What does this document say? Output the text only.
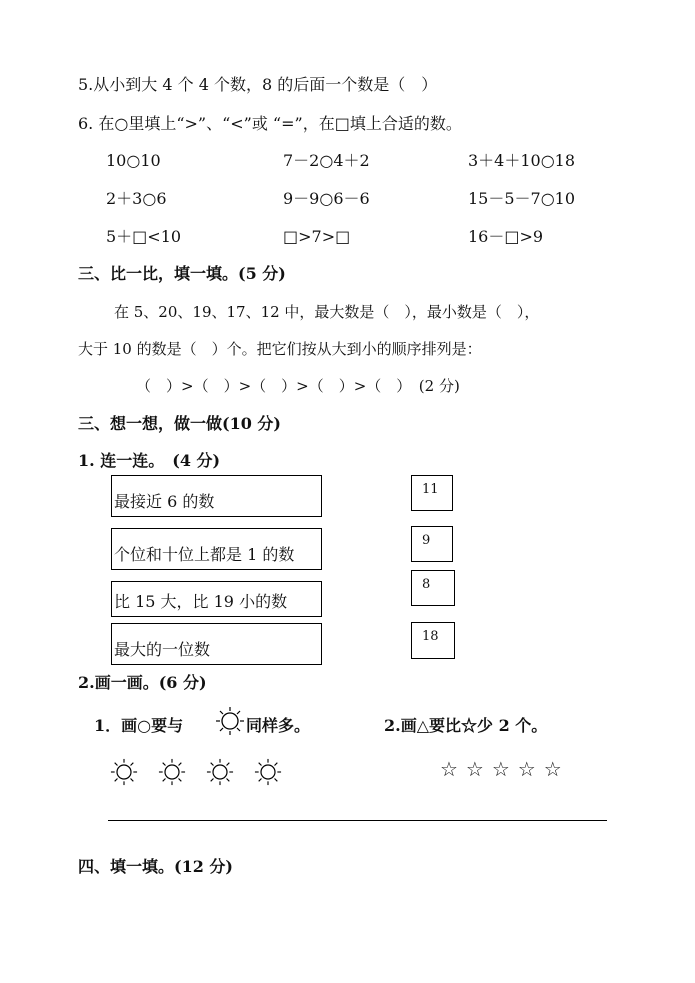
5.从小到大 4 个 4 个数，8 的后面一个数是（　）
6. 在○里填上“>”、“<”或 “=”，在□填上合适的数。
10○10	7－2○4＋2	3＋4＋10○18
2＋3○6	9－9○6－6	15－5－7○10
5＋□<10	□>7>□	16－□>9
三、比一比，填一填。(5 分)
在 5、20、19、17、12 中，最大数是（　），最小数是（　），
大于 10 的数是（　）个。把它们按从大到小的顺序排列是：
（　）>（　）>（　）>（　）>（　）　(2 分)
三、想一想，做一做(10 分)
1. 连一连。　(4 分)
最接近 6 的数
个位和十位上都是 1 的数
比 15 大，比 19 小的数
最大的一位数
11
9
8
18
2.画一画。(6 分)
1．画○要与	同样多。	2.画△要比☆少 2 个。
☆☆☆☆☆
四、填一填。(12 分)
